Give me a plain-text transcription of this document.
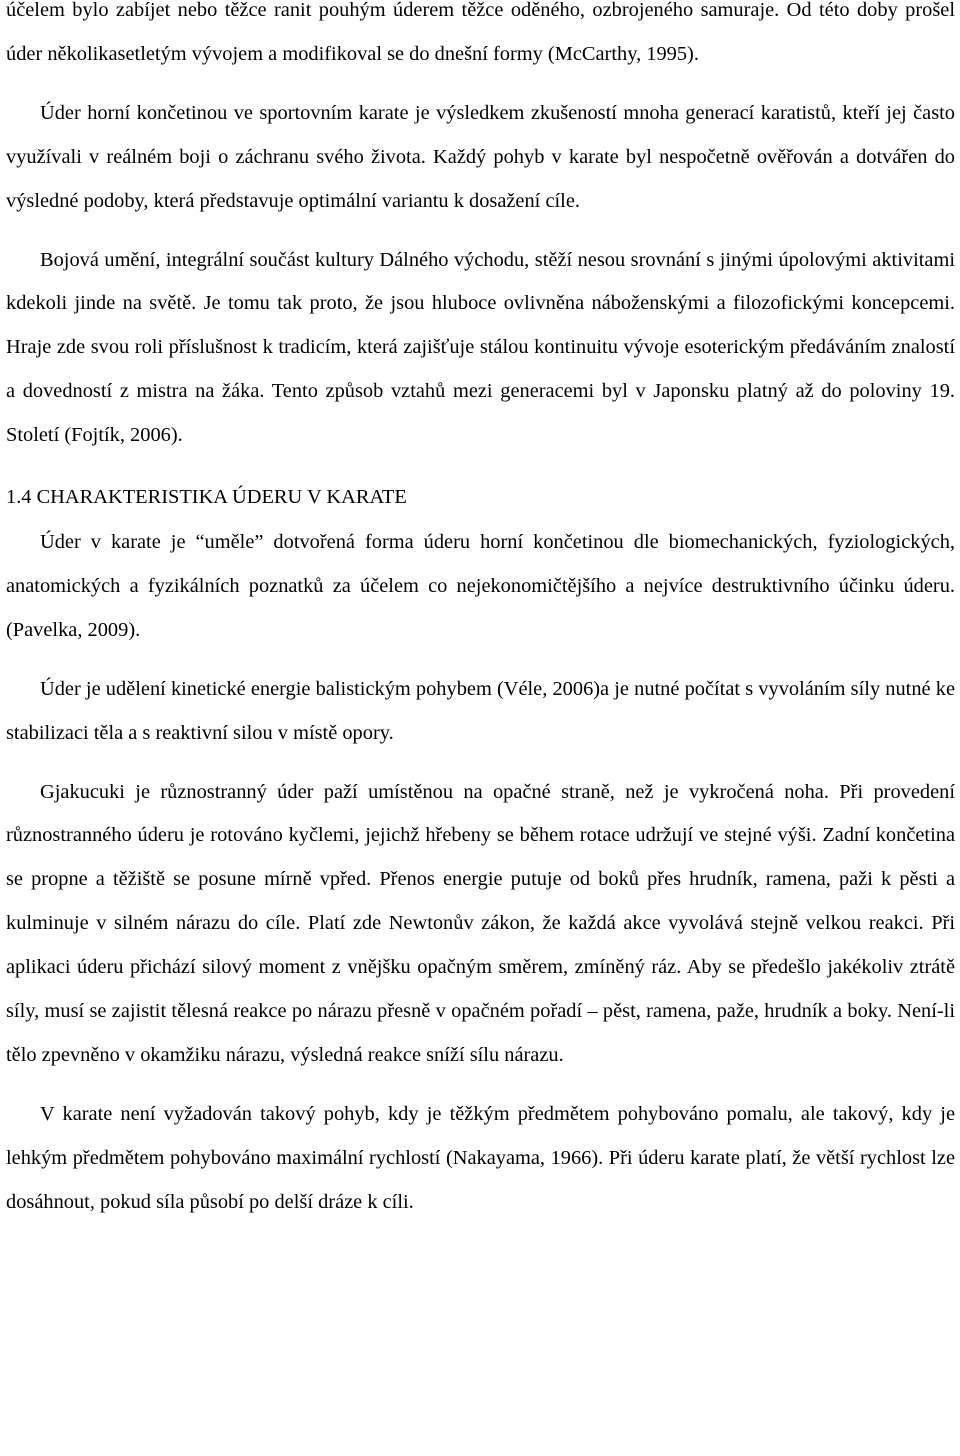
účelem bylo zabíjet nebo těžce ranit pouhým úderem těžce oděného, ozbrojeného samuraje. Od této doby prošel úder několikasetletým vývojem a modifikoval se do dnešní formy (McCarthy, 1995).

Úder horní končetinou ve sportovním karate je výsledkem zkušeností mnoha generací karatistů, kteří jej často využívali v reálném boji o záchranu svého života. Každý pohyb v karate byl nespočetně ověřován a dotvářen do výsledné podoby, která představuje optimální variantu k dosažení cíle.

Bojová umění, integrální součást kultury Dálného východu, stěží nesou srovnání s jinými úpolovými aktivitami kdekoli jinde na světě. Je tomu tak proto, že jsou hluboce ovlivněna náboženskými a filozofickými koncepcemi. Hraje zde svou roli příslušnost k tradicím, která zajišťuje stálou kontinuitu vývoje esoterickým předáváním znalostí a dovedností z mistra na žáka. Tento způsob vztahů mezi generacemi byl v Japonsku platný až do poloviny 19. Století (Fojtík, 2006).

1.4 CHARAKTERISTIKA ÚDERU V KARATE

Úder v karate je “uměle” dotvořená forma úderu horní končetinou dle biomechanických, fyziologických, anatomických a fyzikálních poznatků za účelem co nejekonomičtějšího a nejvíce destruktivního účinku úderu. (Pavelka, 2009).

Úder je udělení kinetické energie balistickým pohybem (Véle, 2006)a je nutné počítat s vyvoláním síly nutné ke stabilizaci těla a s reaktivní silou v místě opory.

Gjakucuki je různostranný úder paží umístěnou na opačné straně, než je vykročená noha. Při provedení různostranného úderu je rotováno kyčlemi, jejichž hřebeny se během rotace udržují ve stejné výši. Zadní končetina se propne a těžiště se posune mírně vpřed. Přenos energie putuje od boků přes hrudník, ramena, paži k pěsti a kulminuje v silném nárazu do cíle. Platí zde Newtonův zákon, že každá akce vyvolává stejně velkou reakci. Při aplikaci úderu přichází silový moment z vnějšku opačným směrem, zmíněný ráz. Aby se předešlo jakékoliv ztrátě síly, musí se zajistit tělesná reakce po nárazu přesně v opačném pořadí – pěst, ramena, paže, hrudník a boky. Není-li tělo zpevněno v okamžiku nárazu, výsledná reakce sníží sílu nárazu.

V karate není vyžadován takový pohyb, kdy je těžkým předmětem pohybováno pomalu, ale takový, kdy je lehkým předmětem pohybováno maximální rychlostí (Nakayama, 1966). Při úderu karate platí, že větší rychlost lze dosáhnout, pokud síla působí po delší dráze k cíli.
